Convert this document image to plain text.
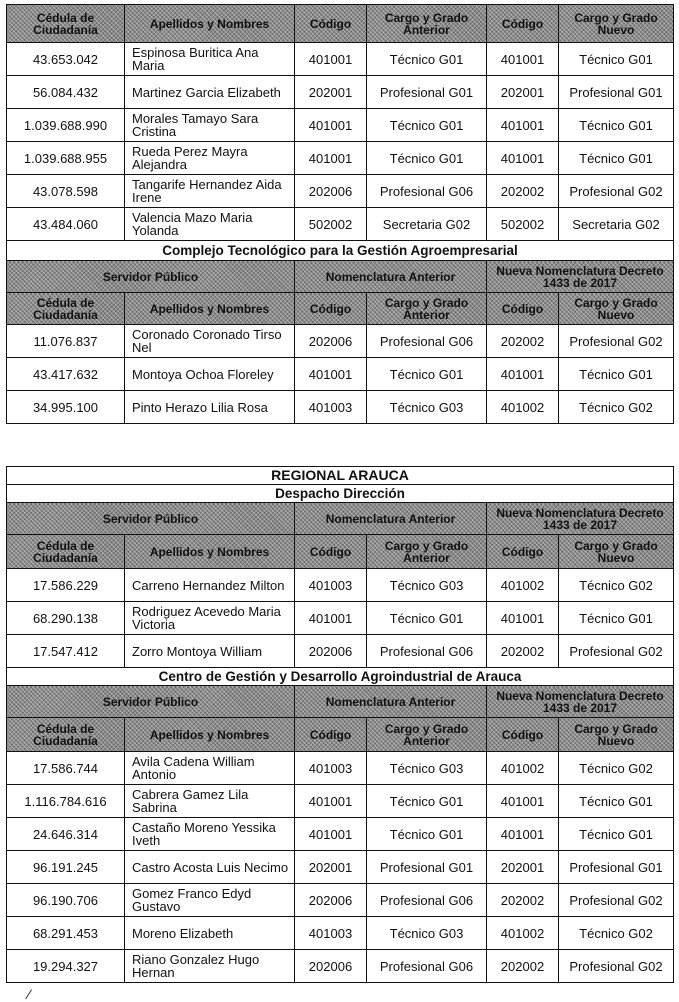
Cédula de Ciudadanía	Apellidos y Nombres	Código	Cargo y Grado Anterior	Código	Cargo y Grado Nuevo
43.653.042	Espinosa Buritica Ana Maria	401001	Técnico G01	401001	Técnico G01
56.084.432	Martinez Garcia Elizabeth	202001	Profesional G01	202001	Profesional G01
1.039.688.990	Morales Tamayo Sara Cristina	401001	Técnico G01	401001	Técnico G01
1.039.688.955	Rueda Perez Mayra Alejandra	401001	Técnico G01	401001	Técnico G01
43.078.598	Tangarife Hernandez Aida Irene	202006	Profesional G06	202002	Profesional G02
43.484.060	Valencia Mazo Maria Yolanda	502002	Secretaria G02	502002	Secretaria G02
Complejo Tecnológico para la Gestión Agroempresarial					
Servidor Público		Nomenclatura Anterior		Nueva Nomenclatura Decreto 1433 de 2017	
Cédula de Ciudadanía	Apellidos y Nombres	Código	Cargo y Grado Anterior	Código	Cargo y Grado Nuevo
11.076.837	Coronado Coronado Tirso Nel	202006	Profesional G06	202002	Profesional G02
43.417.632	Montoya Ochoa Floreley	401001	Técnico G01	401001	Técnico G01
34.995.100	Pinto Herazo Lilia Rosa	401003	Técnico G03	401002	Técnico G02
REGIONAL ARAUCA					
Despacho Dirección					
Servidor Público		Nomenclatura Anterior		Nueva Nomenclatura Decreto 1433 de 2017	
Cédula de Ciudadanía	Apellidos y Nombres	Código	Cargo y Grado Anterior	Código	Cargo y Grado Nuevo
17.586.229	Carreno Hernandez Milton	401003	Técnico G03	401002	Técnico G02
68.290.138	Rodriguez Acevedo Maria Victoria	401001	Técnico G01	401001	Técnico G01
17.547.412	Zorro Montoya William	202006	Profesional G06	202002	Profesional G02
Centro de Gestión y Desarrollo Agroindustrial de Arauca					
Servidor Público		Nomenclatura Anterior		Nueva Nomenclatura Decreto 1433 de 2017	
Cédula de Ciudadanía	Apellidos y Nombres	Código	Cargo y Grado Anterior	Código	Cargo y Grado Nuevo
17.586.744	Avila Cadena William Antonio	401003	Técnico G03	401002	Técnico G02
1.116.784.616	Cabrera Gamez Lila Sabrina	401001	Técnico G01	401001	Técnico G01
24.646.314	Castaño Moreno Yessika Iveth	401001	Técnico G01	401001	Técnico G01
96.191.245	Castro Acosta Luis Necimo	202001	Profesional G01	202001	Profesional G01
96.190.706	Gomez Franco Edyd Gustavo	202006	Profesional G06	202002	Profesional G02
68.291.453	Moreno Elizabeth	401003	Técnico G03	401002	Técnico G02
19.294.327	Riano Gonzalez Hugo Hernan	202006	Profesional G06	202002	Profesional G02
⁄
